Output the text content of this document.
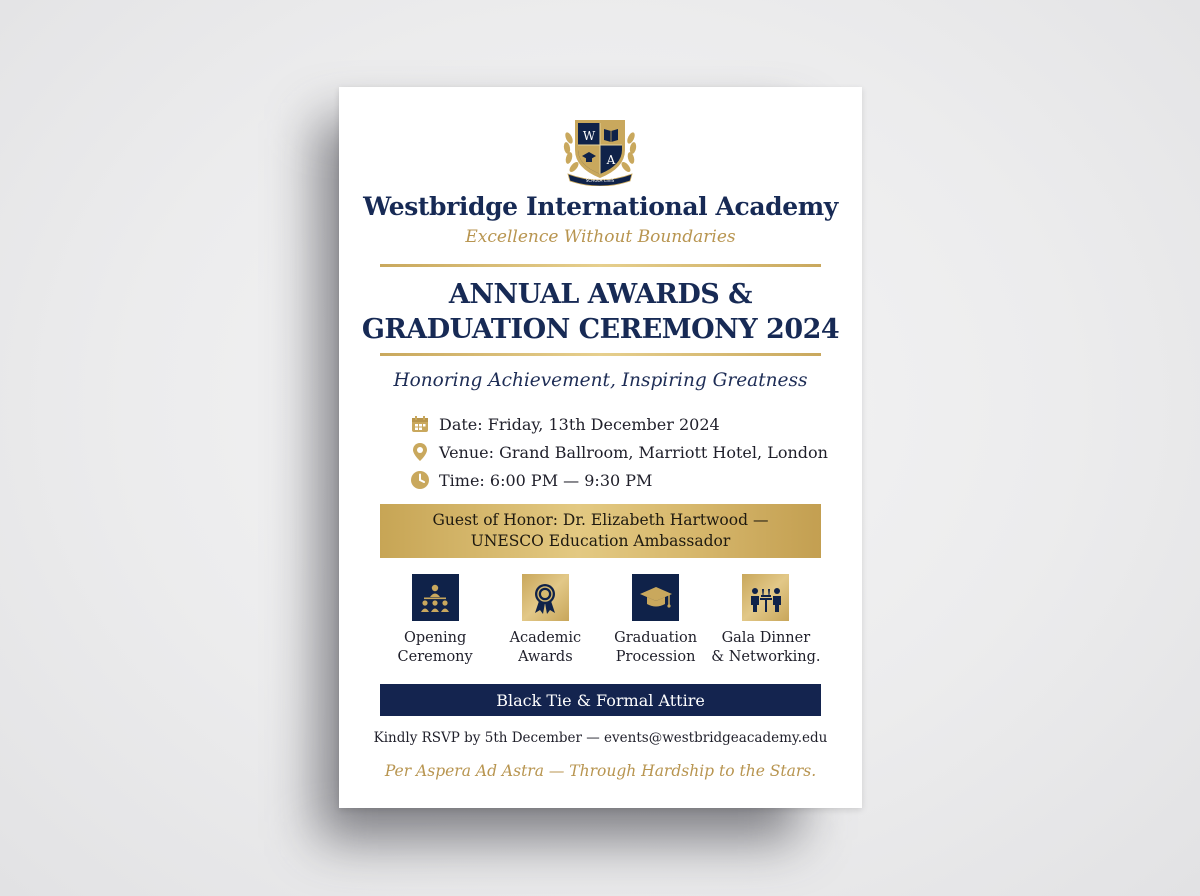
W
A
SCHOLA CIVIS
Westbridge International Academy
Excellence Without Boundaries
ANNUAL AWARDS &
GRADUATION CEREMONY 2024
Honoring Achievement, Inspiring Greatness
Date: Friday, 13th December 2024
Venue: Grand Ballroom, Marriott Hotel, London
Time: 6:00 PM — 9:30 PM
Guest of Honor: Dr. Elizabeth Hartwood —
UNESCO Education Ambassador
Opening
Ceremony
Academic
Awards
Graduation
Procession
Gala Dinner
& Networking.
Black Tie & Formal Attire
Kindly RSVP by 5th December — events@westbridgeacademy.edu
Per Aspera Ad Astra — Through Hardship to the Stars.
